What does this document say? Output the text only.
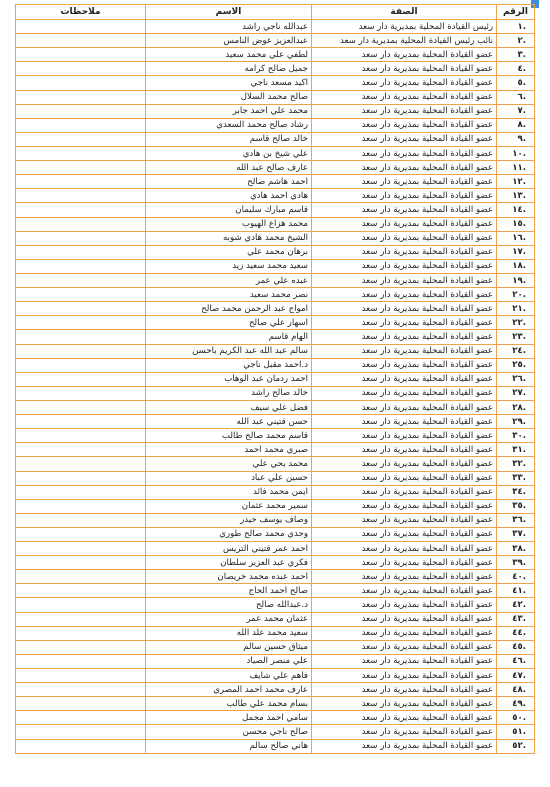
الرقم	الصفة	الاسم	ملاحظات
.١	رئيس القيادة المحلية بمديرية دار سعد	عبدالله ناجي راشد	
.٢	نائب رئيس القيادة المحلية بمديرية دار سعد	عبدالعزيز عوض النامس	
.٣	عضو القيادة المحلية بمديرية دار سعد	لطفي علي محمد سعيد	
.٤	عضو القيادة المحلية بمديرية دار سعد	جميل صالح كرامه	
.٥	عضو القيادة المحلية بمديرية دار سعد	اكيد مسعد ناجي	
.٦	عضو القيادة المحلية بمديرية دار سعد	صالح محمد السلال	
.٧	عضو القيادة المحلية بمديرية دار سعد	محمد علي احمد جابر	
.٨	عضو القيادة المحلية بمديرية دار سعد	رشاد صالح محمد السعدي	
.٩	عضو القيادة المحلية بمديرية دار سعد	خالد صالح قاسم	
.١٠	عضو القيادة المحلية بمديرية دار سعد	علي شيخ بن هادي	
.١١	عضو القيادة المحلية بمديرية دار سعد	عارف صالح عبد الله	
.١٢	عضو القيادة المحلية بمديرية دار سعد	احمد هاشم صالح	
.١٣	عضو القيادة المحلية بمديرية دار سعد	هادي احمد هادي	
.١٤	عضو القيادة المحلية بمديرية دار سعد	قاسم مبارك سليمان	
.١٥	عضو القيادة المحلية بمديرية دار سعد	محمد هزاع الهيوب	
.١٦	عضو القيادة المحلية بمديرية دار سعد	الشيخ محمد هادي شوبه	
.١٧	عضو القيادة المحلية بمديرية دار سعد	برهان محمد علي	
.١٨	عضو القيادة المحلية بمديرية دار سعد	سعيد محمد سعيد زيد	
.١٩	عضو القيادة المحلية بمديرية دار سعد	عبده علي عمر	
.٢٠	عضو القيادة المحلية بمديرية دار سعد	نصر محمد سعيد	
.٢١	عضو القيادة المحلية بمديرية دار سعد	امواج عبد الرحمن محمد صالح	
.٢٢	عضو القيادة المحلية بمديرية دار سعد	اسهار علي صالح	
.٢٣	عضو القيادة المحلية بمديرية دار سعد	الهام قاسم	
.٢٤	عضو القيادة المحلية بمديرية دار سعد	سالم عبد الله عبد الكريم باحسن	
.٢٥	عضو القيادة المحلية بمديرية دار سعد	د.احمد مقبل ناجي	
.٢٦	عضو القيادة المحلية بمديرية دار سعد	احمد ردمان عبد الوهاب	
.٢٧	عضو القيادة المحلية بمديرية دار سعد	خالد صالح راشد	
.٢٨	عضو القيادة المحلية بمديرية دار سعد	فضل علي سيف	
.٢٩	عضو القيادة المحلية بمديرية دار سعد	حسن قتيني عبد الله	
.٣٠	عضو القيادة المحلية بمديرية دار سعد	قاسم محمد صالح طالب	
.٣١	عضو القيادة المحلية بمديرية دار سعد	صبري محمد احمد	
.٣٢	عضو القيادة المحلية بمديرية دار سعد	محمد يحي علي	
.٣٣	عضو القيادة المحلية بمديرية دار سعد	حسين علي عباد	
.٣٤	عضو القيادة المحلية بمديرية دار سعد	ايمن محمد فائد	
.٣٥	عضو القيادة المحلية بمديرية دار سعد	سمير محمد عثمان	
.٣٦	عضو القيادة المحلية بمديرية دار سعد	وصاف يوسف حيدر	
.٣٧	عضو القيادة المحلية بمديرية دار سعد	وجدي محمد صالح طوري	
.٣٨	عضو القيادة المحلية بمديرية دار سعد	احمد عمر قتيني التريس	
.٣٩	عضو القيادة المحلية بمديرية دار سعد	فكري عبد العزيز سلطان	
.٤٠	عضو القيادة المحلية بمديرية دار سعد	احمد عبده محمد خريصان	
.٤١	عضو القيادة المحلية بمديرية دار سعد	صالح احمد الحاج	
.٤٢	عضو القيادة المحلية بمديرية دار سعد	د.عبدالله صالح	
.٤٣	عضو القيادة المحلية بمديرية دار سعد	عثمان محمد عمر	
.٤٤	عضو القيادة المحلية بمديرية دار سعد	سعيد محمد علد الله	
.٤٥	عضو القيادة المحلية بمديرية دار سعد	ميثاق حسين سالم	
.٤٦	عضو القيادة المحلية بمديرية دار سعد	علي منصر الصياد	
.٤٧	عضو القيادة المحلية بمديرية دار سعد	فاهم علي شايف	
.٤٨	عضو القيادة المحلية بمديرية دار سعد	عارف محمد احمد المصري	
.٤٩	عضو القيادة المحلية بمديرية دار سعد	بسام محمد علي طالب	
.٥٠	عضو القيادة المحلية بمديرية دار سعد	سامي احمد مجمل	
.٥١	عضو القيادة المحلية بمديرية دار سعد	صالح ناجي محسن	
.٥٢	عضو القيادة المحلية بمديرية دار سعد	هاني صالح سالم	
